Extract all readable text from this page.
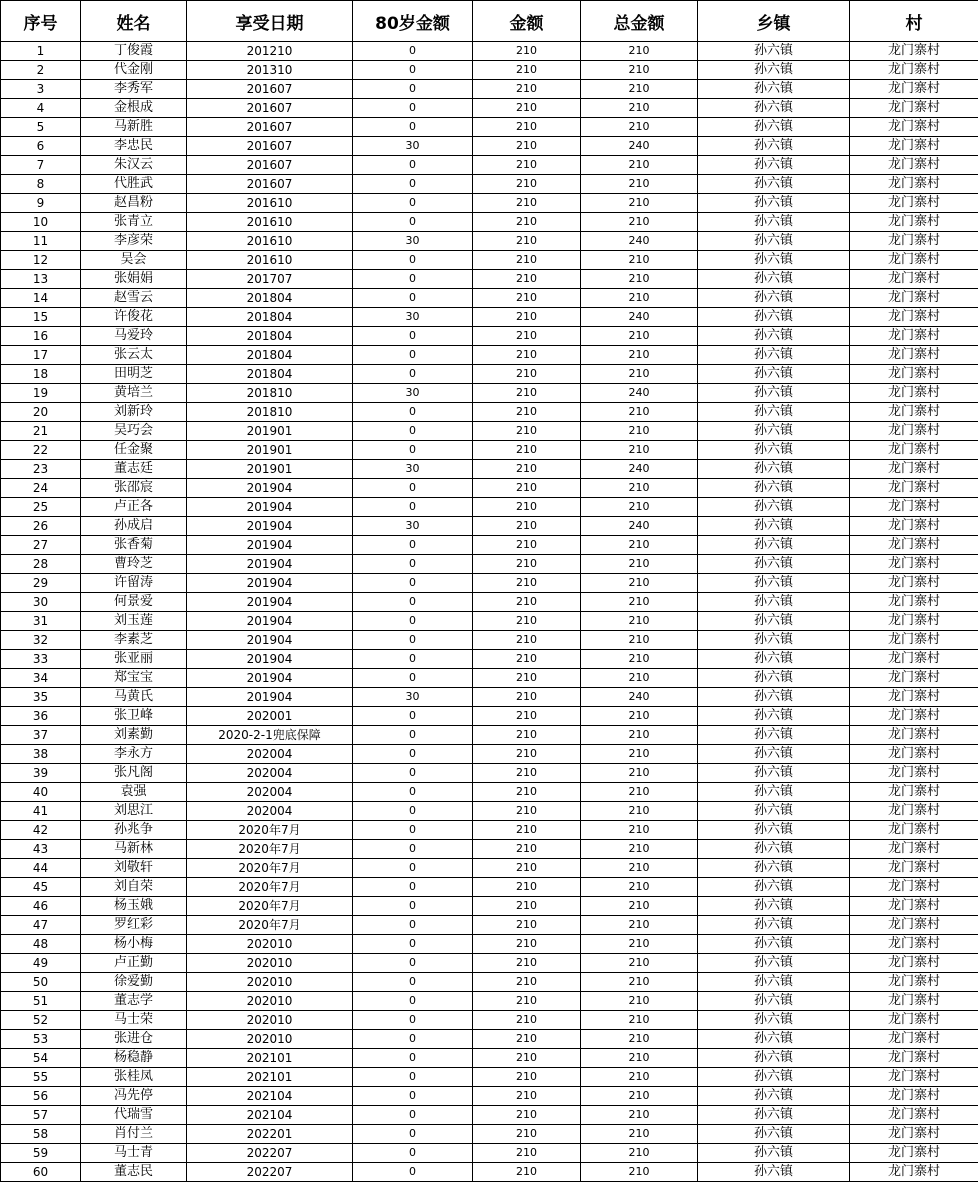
序号	姓名	享受日期	80岁金额	金额	总金额	乡镇	村
1	丁俊霞	201210	0	210	210	孙六镇	龙门寨村
2	代金刚	201310	0	210	210	孙六镇	龙门寨村
3	李秀军	201607	0	210	210	孙六镇	龙门寨村
4	金根成	201607	0	210	210	孙六镇	龙门寨村
5	马新胜	201607	0	210	210	孙六镇	龙门寨村
6	李忠民	201607	30	210	240	孙六镇	龙门寨村
7	朱汉云	201607	0	210	210	孙六镇	龙门寨村
8	代胜武	201607	0	210	210	孙六镇	龙门寨村
9	赵昌粉	201610	0	210	210	孙六镇	龙门寨村
10	张青立	201610	0	210	210	孙六镇	龙门寨村
11	李彦荣	201610	30	210	240	孙六镇	龙门寨村
12	吴会	201610	0	210	210	孙六镇	龙门寨村
13	张娟娟	201707	0	210	210	孙六镇	龙门寨村
14	赵雪云	201804	0	210	210	孙六镇	龙门寨村
15	许俊花	201804	30	210	240	孙六镇	龙门寨村
16	马爱玲	201804	0	210	210	孙六镇	龙门寨村
17	张云太	201804	0	210	210	孙六镇	龙门寨村
18	田明芝	201804	0	210	210	孙六镇	龙门寨村
19	黄培兰	201810	30	210	240	孙六镇	龙门寨村
20	刘新玲	201810	0	210	210	孙六镇	龙门寨村
21	吴巧会	201901	0	210	210	孙六镇	龙门寨村
22	任金聚	201901	0	210	210	孙六镇	龙门寨村
23	董志廷	201901	30	210	240	孙六镇	龙门寨村
24	张邵宸	201904	0	210	210	孙六镇	龙门寨村
25	卢正各	201904	0	210	210	孙六镇	龙门寨村
26	孙成启	201904	30	210	240	孙六镇	龙门寨村
27	张香菊	201904	0	210	210	孙六镇	龙门寨村
28	曹玲芝	201904	0	210	210	孙六镇	龙门寨村
29	许留涛	201904	0	210	210	孙六镇	龙门寨村
30	何景爱	201904	0	210	210	孙六镇	龙门寨村
31	刘玉莲	201904	0	210	210	孙六镇	龙门寨村
32	李素芝	201904	0	210	210	孙六镇	龙门寨村
33	张亚丽	201904	0	210	210	孙六镇	龙门寨村
34	郑宝宝	201904	0	210	210	孙六镇	龙门寨村
35	马黄氏	201904	30	210	240	孙六镇	龙门寨村
36	张卫峰	202001	0	210	210	孙六镇	龙门寨村
37	刘素勤	2020-2-1兜底保障	0	210	210	孙六镇	龙门寨村
38	李永方	202004	0	210	210	孙六镇	龙门寨村
39	张凡阁	202004	0	210	210	孙六镇	龙门寨村
40	袁强	202004	0	210	210	孙六镇	龙门寨村
41	刘思江	202004	0	210	210	孙六镇	龙门寨村
42	孙兆争	2020年7月	0	210	210	孙六镇	龙门寨村
43	马新林	2020年7月	0	210	210	孙六镇	龙门寨村
44	刘敬轩	2020年7月	0	210	210	孙六镇	龙门寨村
45	刘自荣	2020年7月	0	210	210	孙六镇	龙门寨村
46	杨玉娥	2020年7月	0	210	210	孙六镇	龙门寨村
47	罗红彩	2020年7月	0	210	210	孙六镇	龙门寨村
48	杨小梅	202010	0	210	210	孙六镇	龙门寨村
49	卢正勤	202010	0	210	210	孙六镇	龙门寨村
50	徐爱勤	202010	0	210	210	孙六镇	龙门寨村
51	董志学	202010	0	210	210	孙六镇	龙门寨村
52	马士荣	202010	0	210	210	孙六镇	龙门寨村
53	张进仓	202010	0	210	210	孙六镇	龙门寨村
54	杨稳静	202101	0	210	210	孙六镇	龙门寨村
55	张桂凤	202101	0	210	210	孙六镇	龙门寨村
56	冯先停	202104	0	210	210	孙六镇	龙门寨村
57	代瑞雪	202104	0	210	210	孙六镇	龙门寨村
58	肖付兰	202201	0	210	210	孙六镇	龙门寨村
59	马士青	202207	0	210	210	孙六镇	龙门寨村
60	董志民	202207	0	210	210	孙六镇	龙门寨村
